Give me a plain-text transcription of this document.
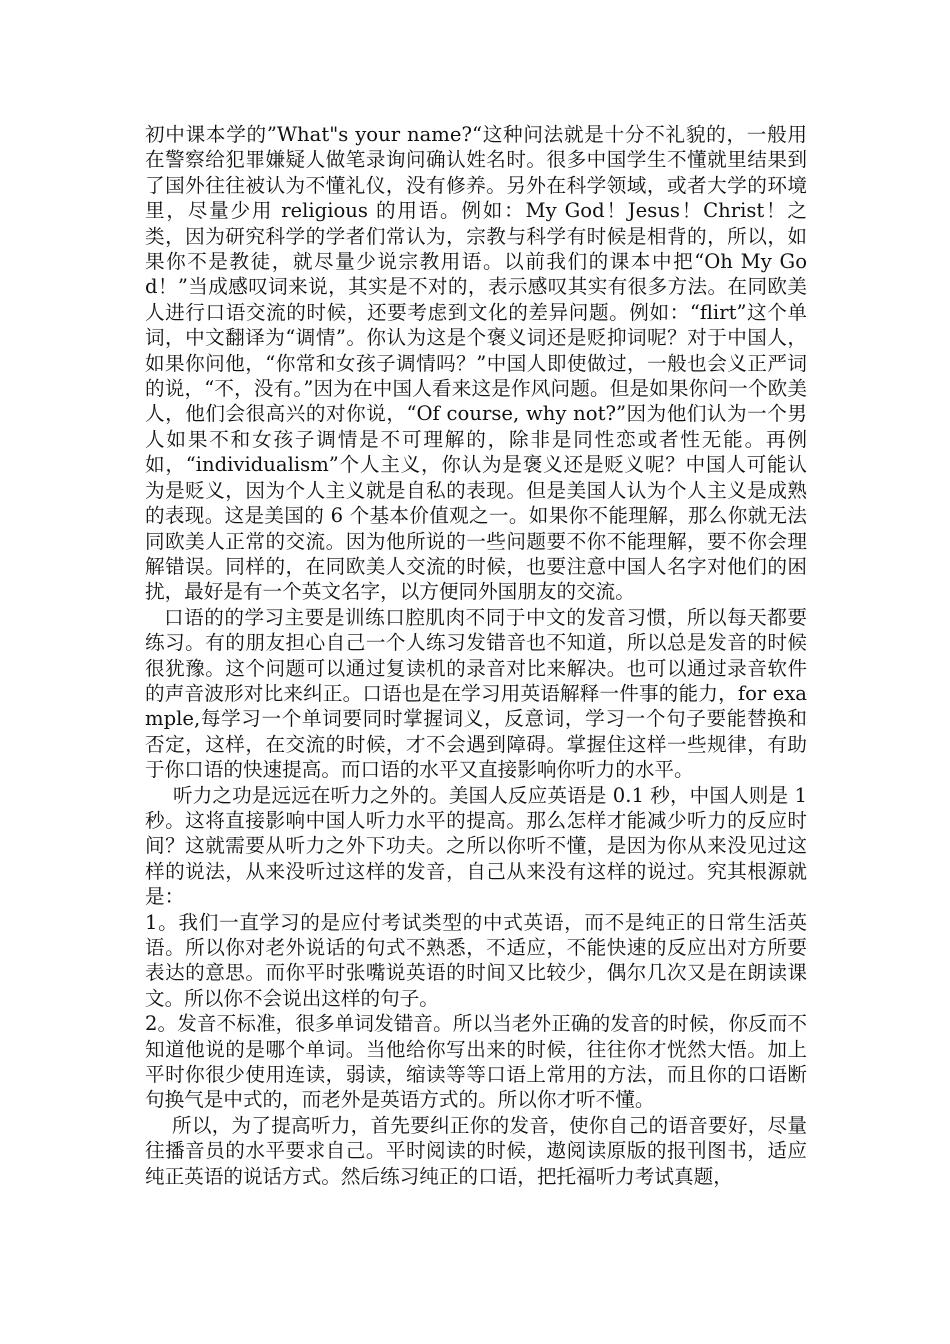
初中课本学的”What"s your name?“这种问法就是十分不礼貌的，一般用在警察给犯罪嫌疑人做笔录询问确认姓名时。很多中国学生不懂就里结果到了国外往往被认为不懂礼仪，没有修养。另外在科学领域，或者大学的环境里，尽量少用 religious 的用语。例如：My God！Jesus！Christ！之类，因为研究科学的学者们常认为，宗教与科学有时候是相背的，所以，如果你不是教徒，就尽量少说宗教用语。以前我们的课本中把“Oh My God！”当成感叹词来说，其实是不对的，表示感叹其实有很多方法。在同欧美人进行口语交流的时候，还要考虑到文化的差异问题。例如：“flirt”这个单词，中文翻译为“调情”。你认为这是个褒义词还是贬抑词呢？对于中国人，如果你问他，“你常和女孩子调情吗？”中国人即使做过，一般也会义正严词的说，“不，没有。”因为在中国人看来这是作风问题。但是如果你问一个欧美人，他们会很高兴的对你说，“Of course, why not?”因为他们认为一个男人如果不和女孩子调情是不可理解的，除非是同性恋或者性无能。再例如，“individualism”个人主义，你认为是褒义还是贬义呢？中国人可能认为是贬义，因为个人主义就是自私的表现。但是美国人认为个人主义是成熟的表现。这是美国的 6 个基本价值观之一。如果你不能理解，那么你就无法同欧美人正常的交流。因为他所说的一些问题要不你不能理解，要不你会理解错误。同样的，在同欧美人交流的时候，也要注意中国人名字对他们的困扰，最好是有一个英文名字，以方便同外国朋友的交流。

口语的的学习主要是训练口腔肌肉不同于中文的发音习惯，所以每天都要练习。有的朋友担心自己一个人练习发错音也不知道，所以总是发音的时候很犹豫。这个问题可以通过复读机的录音对比来解决。也可以通过录音软件的声音波形对比来纠正。口语也是在学习用英语解释一件事的能力，for example,每学习一个单词要同时掌握词义，反意词，学习一个句子要能替换和否定，这样，在交流的时候，才不会遇到障碍。掌握住这样一些规律，有助于你口语的快速提高。而口语的水平又直接影响你听力的水平。

听力之功是远远在听力之外的。美国人反应英语是 0.1 秒，中国人则是 1 秒。这将直接影响中国人听力水平的提高。那么怎样才能减少听力的反应时间？这就需要从听力之外下功夫。之所以你听不懂，是因为你从来没见过这样的说法，从来没听过这样的发音，自己从来没有这样的说过。究其根源就是：

1。我们一直学习的是应付考试类型的中式英语，而不是纯正的日常生活英语。所以你对老外说话的句式不熟悉，不适应，不能快速的反应出对方所要表达的意思。而你平时张嘴说英语的时间又比较少，偶尔几次又是在朗读课文。所以你不会说出这样的句子。

2。发音不标准，很多单词发错音。所以当老外正确的发音的时候，你反而不知道他说的是哪个单词。当他给你写出来的时候，往往你才恍然大悟。加上平时你很少使用连读，弱读，缩读等等口语上常用的方法，而且你的口语断句换气是中式的，而老外是英语方式的。所以你才听不懂。

所以，为了提高听力，首先要纠正你的发音，使你自己的语音要好，尽量往播音员的水平要求自己。平时阅读的时候，遨阅读原版的报刊图书，适应纯正英语的说话方式。然后练习纯正的口语，把托福听力考试真题，
